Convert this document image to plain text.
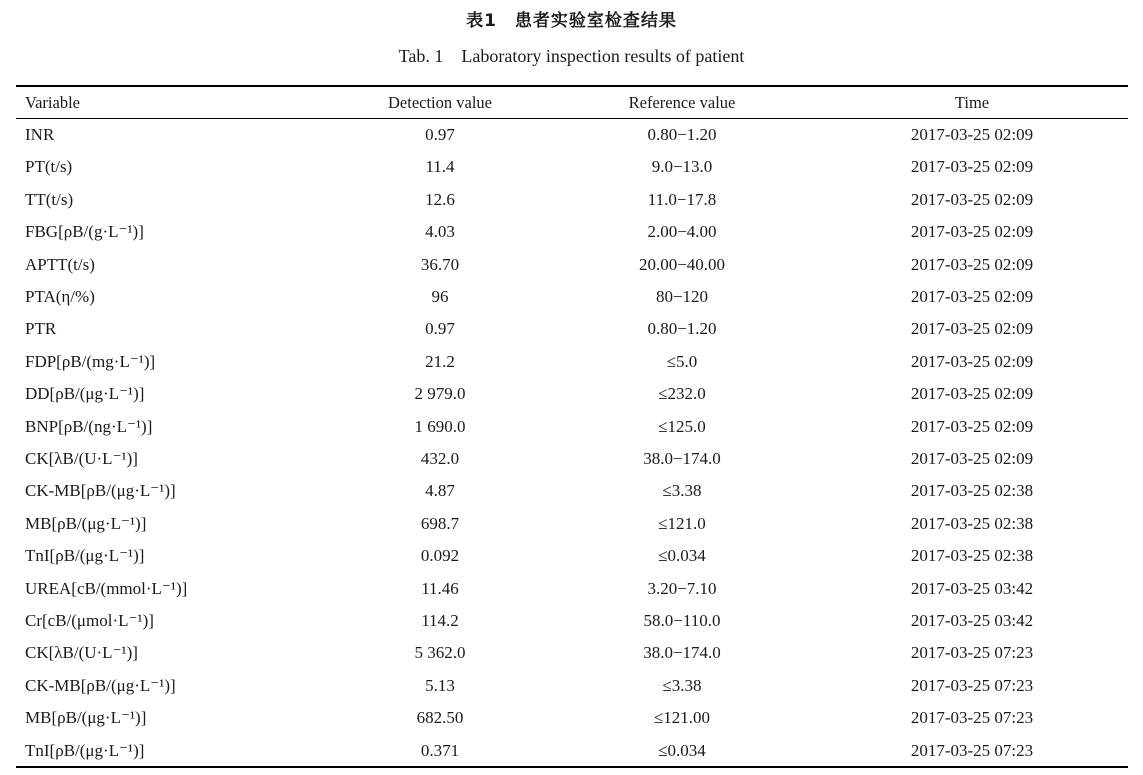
表1　患者实验室检查结果
Tab. 1　Laboratory inspection results of patient
Variable	Detection value	Reference value	Time
INR	0.97	0.80−1.20	2017-03-25 02:09
PT(t/s)	11.4	9.0−13.0	2017-03-25 02:09
TT(t/s)	12.6	11.0−17.8	2017-03-25 02:09
FBG[ρB/(g·L⁻¹)]	4.03	2.00−4.00	2017-03-25 02:09
APTT(t/s)	36.70	20.00−40.00	2017-03-25 02:09
PTA(η/%)	96	80−120	2017-03-25 02:09
PTR	0.97	0.80−1.20	2017-03-25 02:09
FDP[ρB/(mg·L⁻¹)]	21.2	≤5.0	2017-03-25 02:09
DD[ρB/(μg·L⁻¹)]	2 979.0	≤232.0	2017-03-25 02:09
BNP[ρB/(ng·L⁻¹)]	1 690.0	≤125.0	2017-03-25 02:09
CK[λB/(U·L⁻¹)]	432.0	38.0−174.0	2017-03-25 02:09
CK-MB[ρB/(μg·L⁻¹)]	4.87	≤3.38	2017-03-25 02:38
MB[ρB/(μg·L⁻¹)]	698.7	≤121.0	2017-03-25 02:38
TnI[ρB/(μg·L⁻¹)]	0.092	≤0.034	2017-03-25 02:38
UREA[cB/(mmol·L⁻¹)]	11.46	3.20−7.10	2017-03-25 03:42
Cr[cB/(μmol·L⁻¹)]	114.2	58.0−110.0	2017-03-25 03:42
CK[λB/(U·L⁻¹)]	5 362.0	38.0−174.0	2017-03-25 07:23
CK-MB[ρB/(μg·L⁻¹)]	5.13	≤3.38	2017-03-25 07:23
MB[ρB/(μg·L⁻¹)]	682.50	≤121.00	2017-03-25 07:23
TnI[ρB/(μg·L⁻¹)]	0.371	≤0.034	2017-03-25 07:23
